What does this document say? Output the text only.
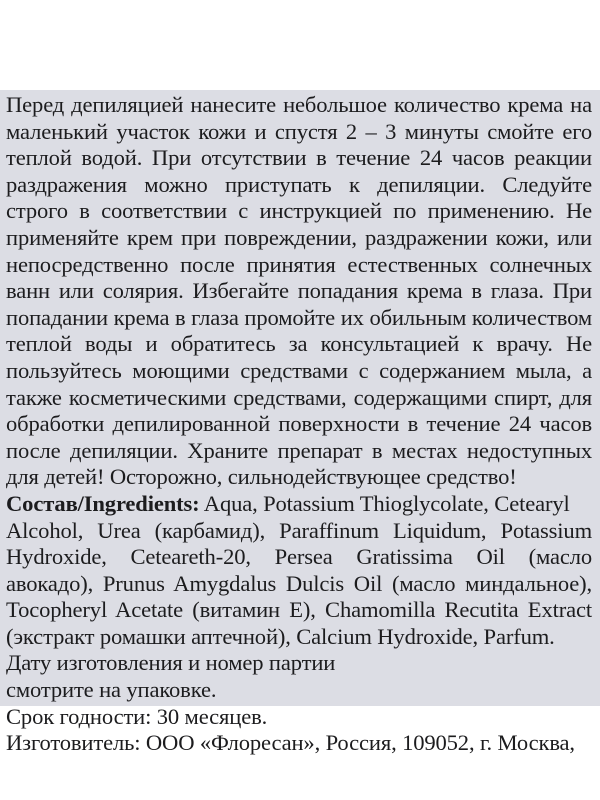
Перед депиляцией нанесите небольшое количество крема на
маленький участок кожи и спустя 2 – 3 минуты смойте его
теплой водой. При отсутствии в течение 24 часов реакции
раздражения можно приступать к депиляции. Следуйте
строго в соответствии с инструкцией по применению. Не
применяйте крем при повреждении, раздражении кожи, или
непосредственно после принятия естественных солнечных
ванн или солярия. Избегайте попадания крема в глаза. При
попадании крема в глаза промойте их обильным количеством
теплой воды и обратитесь за консультацией к врачу. Не
пользуйтесь моющими средствами с содержанием мыла, а
также косметическими средствами, содержащими спирт, для
обработки депилированной поверхности в течение 24 часов
после депиляции. Храните препарат в местах недоступных
для детей! Осторожно, сильнодействующее средство!
Состав/Ingredients: Aqua, Potassium Thioglycolate, Cetearyl
Alcohol, Urea (карбамид), Paraffinum Liquidum, Potassium
Hydroxide, Ceteareth-20, Persea Gratissima Oil (масло
авокадо), Prunus Amygdalus Dulcis Oil (масло миндальное),
Tocopheryl Acetate (витамин Е), Chamomilla Recutita Extract
(экстракт ромашки аптечной), Calcium Hydroxide, Parfum.
Дату изготовления и номер партии
смотрите на упаковке.
Срок годности: 30 месяцев.
Изготовитель: ООО «Флоресан», Россия, 109052, г. Москва,
